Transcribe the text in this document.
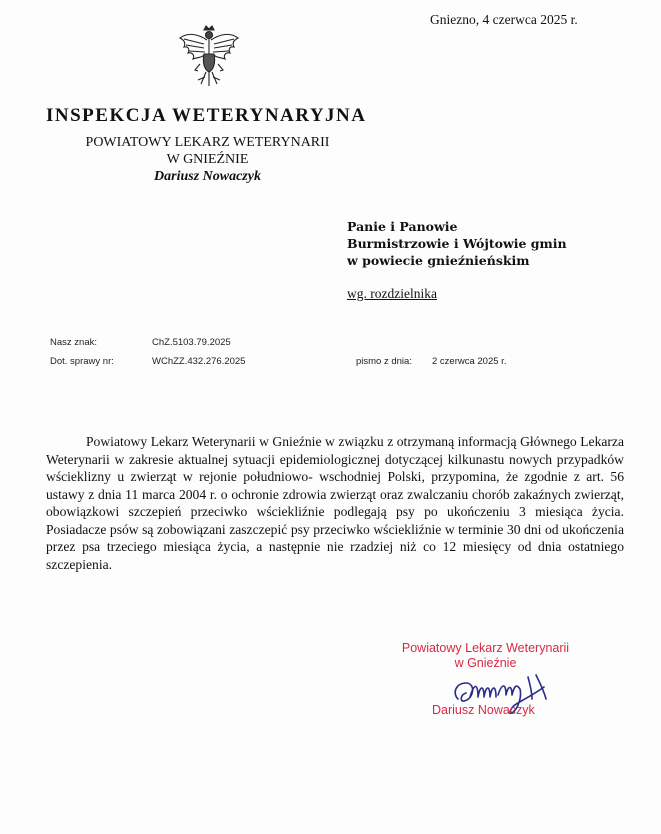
Gniezno, 4 czerwca 2025 r.
INSPEKCJA WETERYNARYJNA
POWIATOWY LEKARZ WETERYNARII
W GNIEŹNIE
Dariusz Nowaczyk
Panie i Panowie
Burmistrzowie i Wójtowie gmin
w powiecie gnieźnieńskim
wg. rozdzielnika
Nasz znak:	ChZ.5103.79.2025
Dot. sprawy nr:	WChZZ.432.276.2025	pismo z dnia: 2 czerwca 2025 r.

Powiatowy Lekarz Weterynarii w Gnieźnie w związku z otrzymaną informacją Głównego Lekarza Weterynarii w zakresie aktualnej sytuacji epidemiologicznej dotyczącej kilkunastu nowych przypadków wścieklizny u zwierząt w rejonie południowo- wschodniej Polski, przypomina, że zgodnie z art. 56 ustawy z dnia 11 marca 2004 r. o ochronie zdrowia zwierząt oraz zwalczaniu chorób zakaźnych zwierząt, obowiązkowi szczepień przeciwko wściekliźnie podlegają psy po ukończeniu 3 miesiąca życia. Posiadacze psów są zobowiązani zaszczepić psy przeciwko wściekliźnie w terminie 30 dni od ukończenia przez psa trzeciego miesiąca życia, a następnie nie rzadziej niż co 12 miesięcy od dnia ostatniego szczepienia.

Powiatowy Lekarz Weterynarii
w Gnieźnie
Dariusz Nowaczyk
